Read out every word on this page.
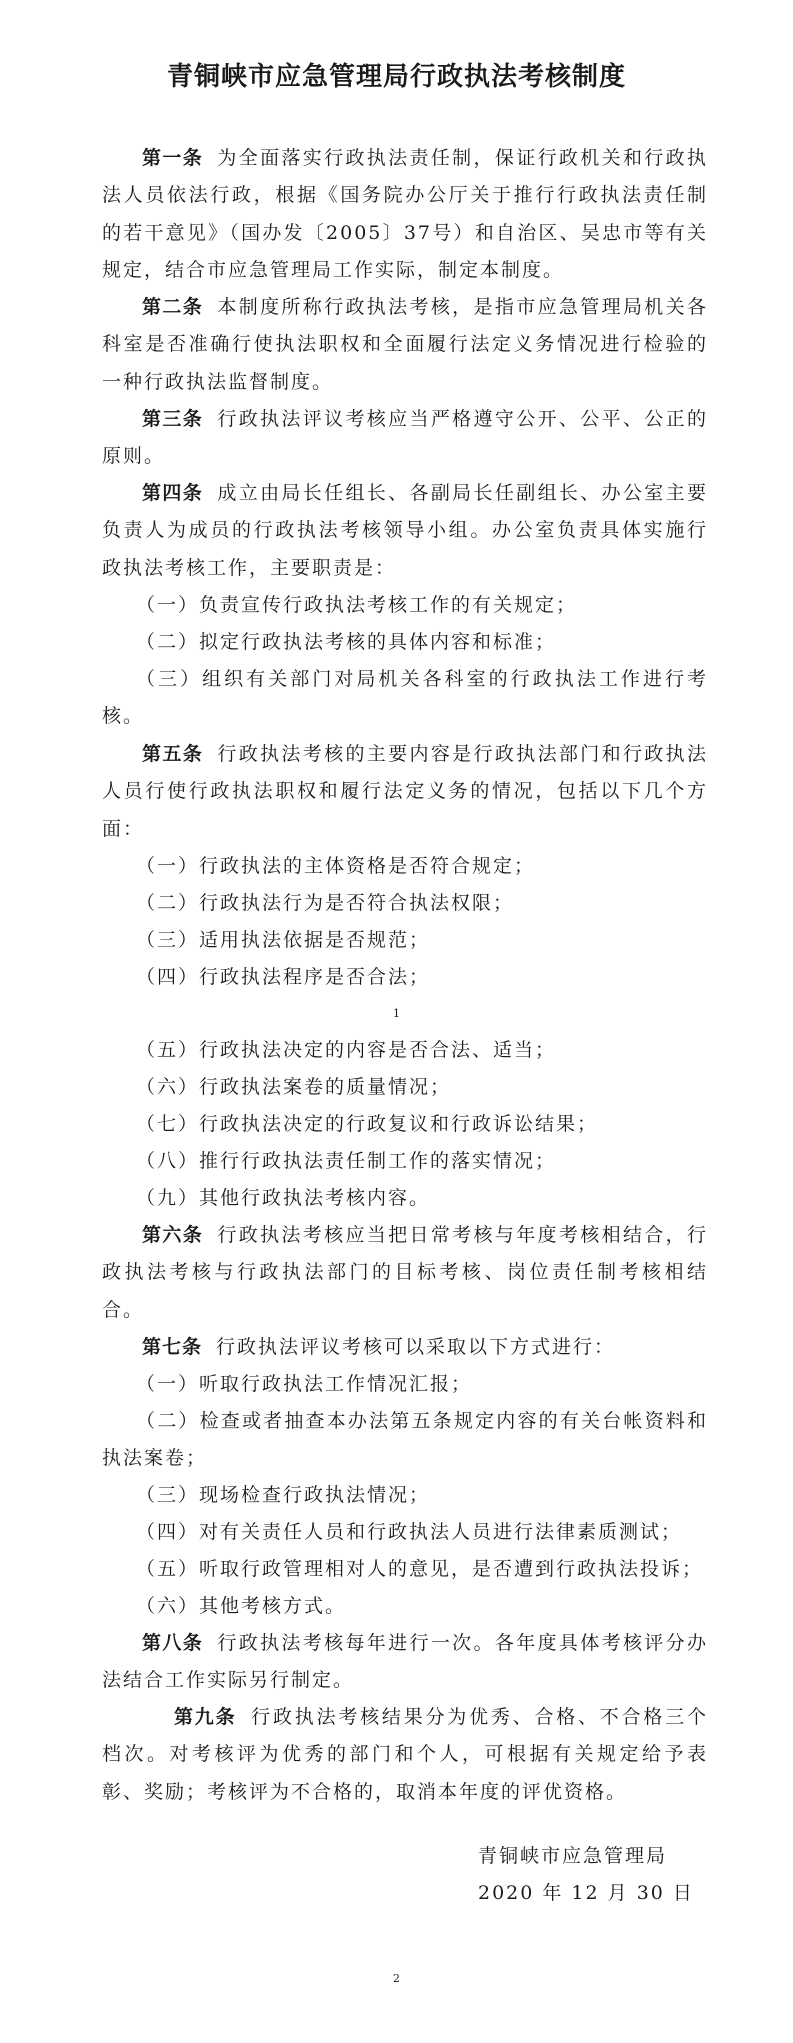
青铜峡市应急管理局行政执法考核制度

第一条 为全面落实行政执法责任制，保证行政机关和行政执法人员依法行政，根据《国务院办公厅关于推行行政执法责任制的若干意见》（国办发〔2005〕37号）和自治区、吴忠市等有关规定，结合市应急管理局工作实际，制定本制度。

第二条 本制度所称行政执法考核，是指市应急管理局机关各科室是否准确行使执法职权和全面履行法定义务情况进行检验的一种行政执法监督制度。

第三条 行政执法评议考核应当严格遵守公开、公平、公正的原则。

第四条 成立由局长任组长、各副局长任副组长、办公室主要负责人为成员的行政执法考核领导小组。办公室负责具体实施行政执法考核工作，主要职责是：

（一）负责宣传行政执法考核工作的有关规定；

（二）拟定行政执法考核的具体内容和标准；

（三）组织有关部门对局机关各科室的行政执法工作进行考核。

第五条 行政执法考核的主要内容是行政执法部门和行政执法人员行使行政执法职权和履行法定义务的情况，包括以下几个方面：

（一）行政执法的主体资格是否符合规定；

（二）行政执法行为是否符合执法权限；

（三）适用执法依据是否规范；

（四）行政执法程序是否合法；

1

（五）行政执法决定的内容是否合法、适当；

（六）行政执法案卷的质量情况；

（七）行政执法决定的行政复议和行政诉讼结果；

（八）推行行政执法责任制工作的落实情况；

（九）其他行政执法考核内容。

第六条 行政执法考核应当把日常考核与年度考核相结合，行政执法考核与行政执法部门的目标考核、岗位责任制考核相结合。

第七条 行政执法评议考核可以采取以下方式进行：

（一）听取行政执法工作情况汇报；

（二）检查或者抽查本办法第五条规定内容的有关台帐资料和执法案卷；

（三）现场检查行政执法情况；

（四）对有关责任人员和行政执法人员进行法律素质测试；

（五）听取行政管理相对人的意见，是否遭到行政执法投诉；

（六）其他考核方式。

第八条 行政执法考核每年进行一次。各年度具体考核评分办法结合工作实际另行制定。

第九条 行政执法考核结果分为优秀、合格、不合格三个档次。对考核评为优秀的部门和个人，可根据有关规定给予表彰、奖励；考核评为不合格的，取消本年度的评优资格。

青铜峡市应急管理局
2020 年 12 月 30 日
2
